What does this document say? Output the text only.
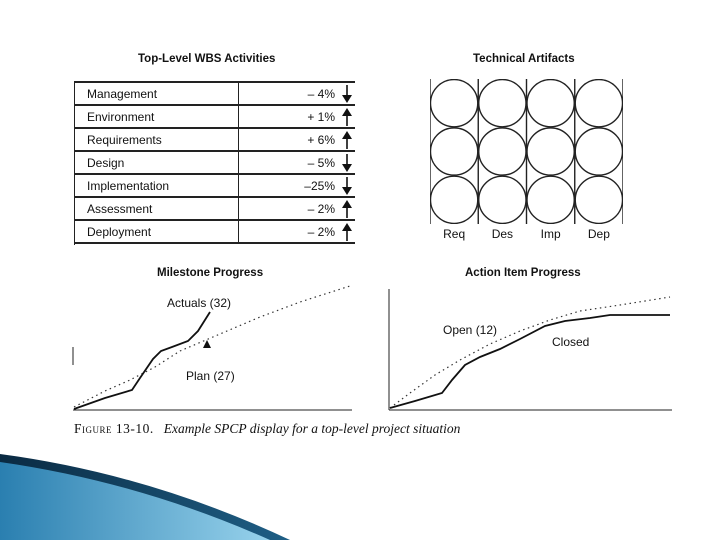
Top-Level WBS Activities
Management	– 4%
Environment	+ 1%
Requirements	+ 6%
Design	– 5%
Implementation	–25%
Assessment	– 2%
Deployment	– 2%
Technical Artifacts
Req Des Imp Dep
Milestone Progress
Actuals (32)
Plan (27)
Action Item Progress
Open (12)
Closed
Figure 13-10. Example SPCP display for a top-level project situation
